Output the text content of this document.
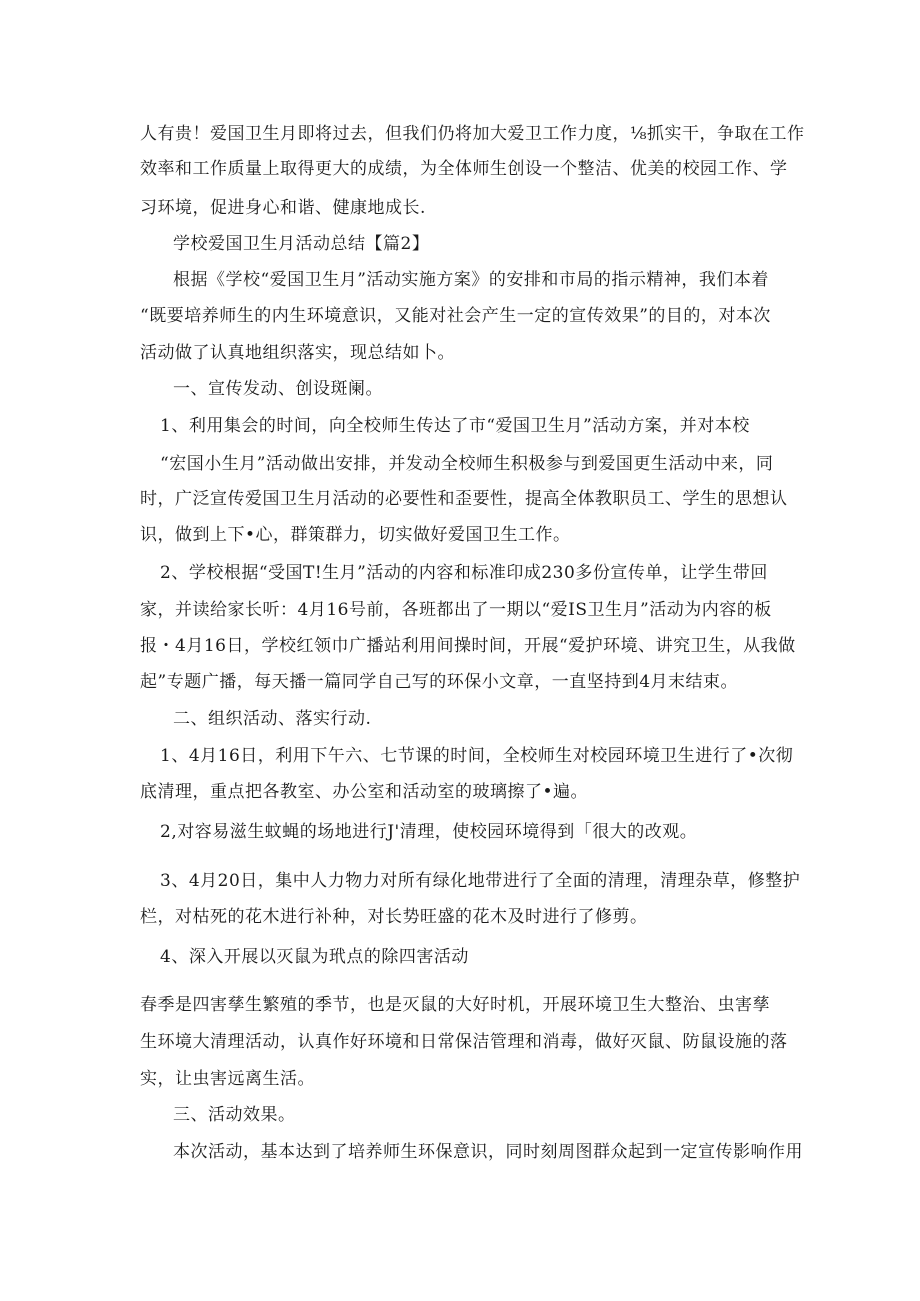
人有贵！爱国卫生月即将过去，但我们仍将加大爱卫工作力度，⅛抓实干，争取在工作
效率和工作质量上取得更大的成绩，为全体师生创设一个整洁、优美的校园工作、学
习环境，促进身心和谐、健康地成长.
学校爱国卫生月活动总结【篇2】
根据《学校“爱国卫生月”活动实施方案》的安排和市局的指示精神，我们本着
“既要培养师生的内生环境意识，又能对社会产生一定的宣传效果”的目的，对本次
活动做了认真地组织落实，现总结如卜。
一、宣传发动、创设斑阑。
1、利用集会的时间，向全校师生传达了市“爱国卫生月”活动方案，并对本校
“宏国小生月”活动做出安排，并发动全校师生积极参与到爱国更生活动中来，同
时，广泛宣传爱国卫生月活动的必要性和歪要性，提高全体教职员工、学生的思想认
识，做到上下•心，群策群力，切实做好爱国卫生工作。
2、学校根据“受国T!生月”活动的内容和标准印成230多份宣传单，让学生带回
家，并读给家长听：4月16号前，各班都出了一期以“爱IS卫生月”活动为内容的板
报・4月16日，学校红领巾广播站利用间操时间，开展“爱护环境、讲究卫生，从我做
起”专题广播，每天播一篇同学自己写的环保小文章，一直坚持到4月末结束。
二、组织活动、落实行动.
1、4月16日，利用下午六、七节课的时间，全校师生对校园环境卫生进行了•次彻
底清理，重点把各教室、办公室和活动室的玻璃擦了•遍。
2,对容易滋生蚊蝇的场地进行J'清理，使校园环境得到「很大的改观。
3、4月20日，集中人力物力对所有绿化地带进行了全面的清理，清理杂草，修整护
栏，对枯死的花木进行补种，对长势旺盛的花木及时进行了修剪。
4、深入开展以灭鼠为玳点的除四害活动
春季是四害孳生繁殖的季节，也是灭鼠的大好时机，开展环境卫生大整治、虫害孳
生环境大清理活动，认真作好环境和日常保洁管理和消毒，做好灭鼠、防鼠设施的落
实，让虫害远离生活。
三、活动效果。
本次活动，基本达到了培养师生环保意识，同时刻周图群众起到一定宣传影响作用
